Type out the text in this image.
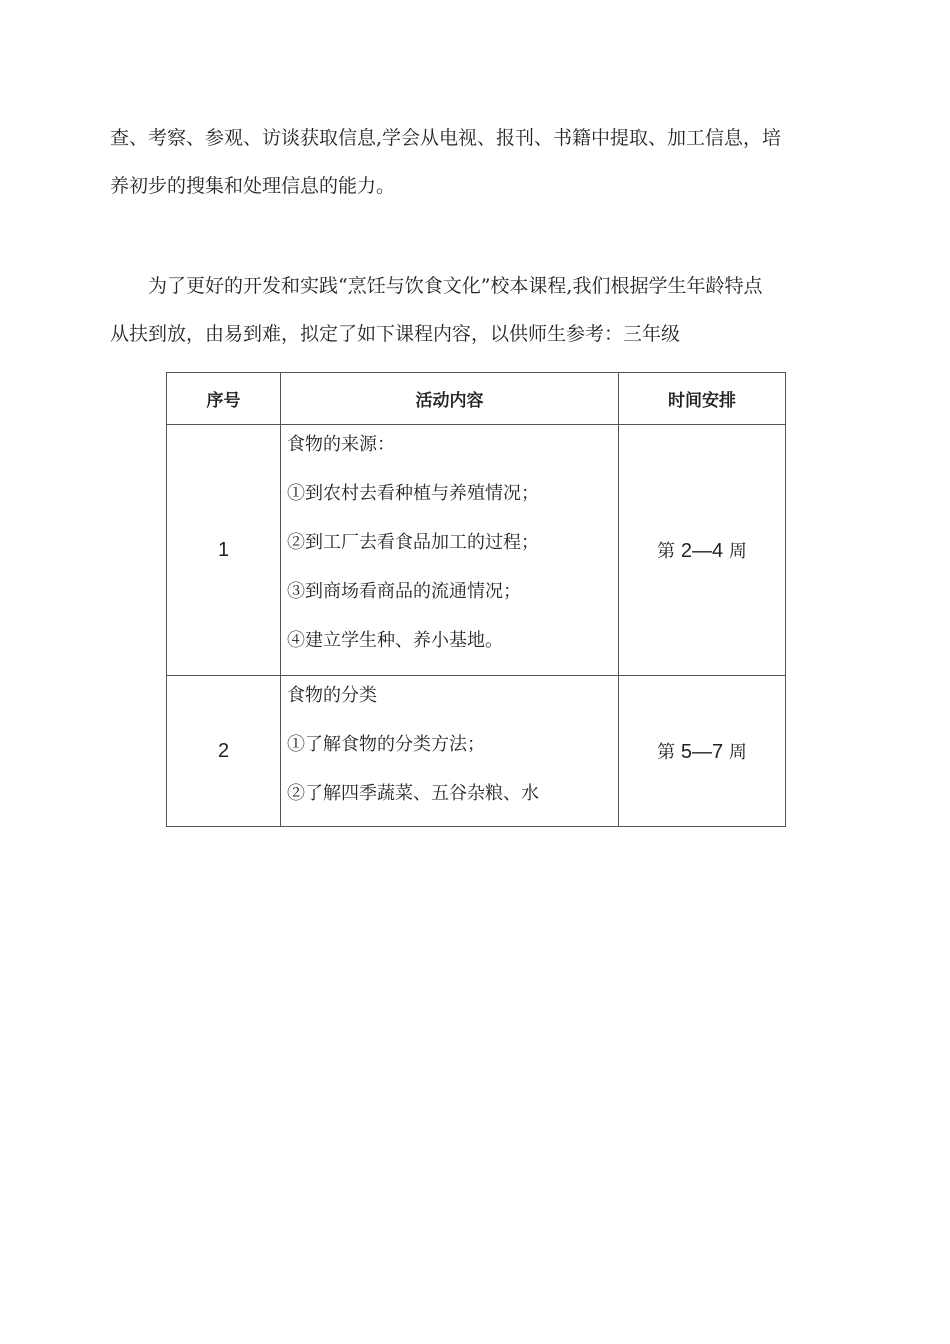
查、考察、参观、访谈获取信息,学会从电视、报刊、书籍中提取、加工信息，培
养初步的搜集和处理信息的能力。

为了更好的开发和实践“烹饪与饮食文化”校本课程,我们根据学生年龄特点
从扶到放，由易到难，拟定了如下课程内容，以供师生参考：三年级

序号	活动内容	时间安排
1	食物的来源：
①到农村去看种植与养殖情况；
②到工厂去看食品加工的过程；
③到商场看商品的流通情况；
④建立学生种、养小基地。	第 2—4 周
2	食物的分类
①了解食物的分类方法；
②了解四季蔬菜、五谷杂粮、水	第 5—7 周
